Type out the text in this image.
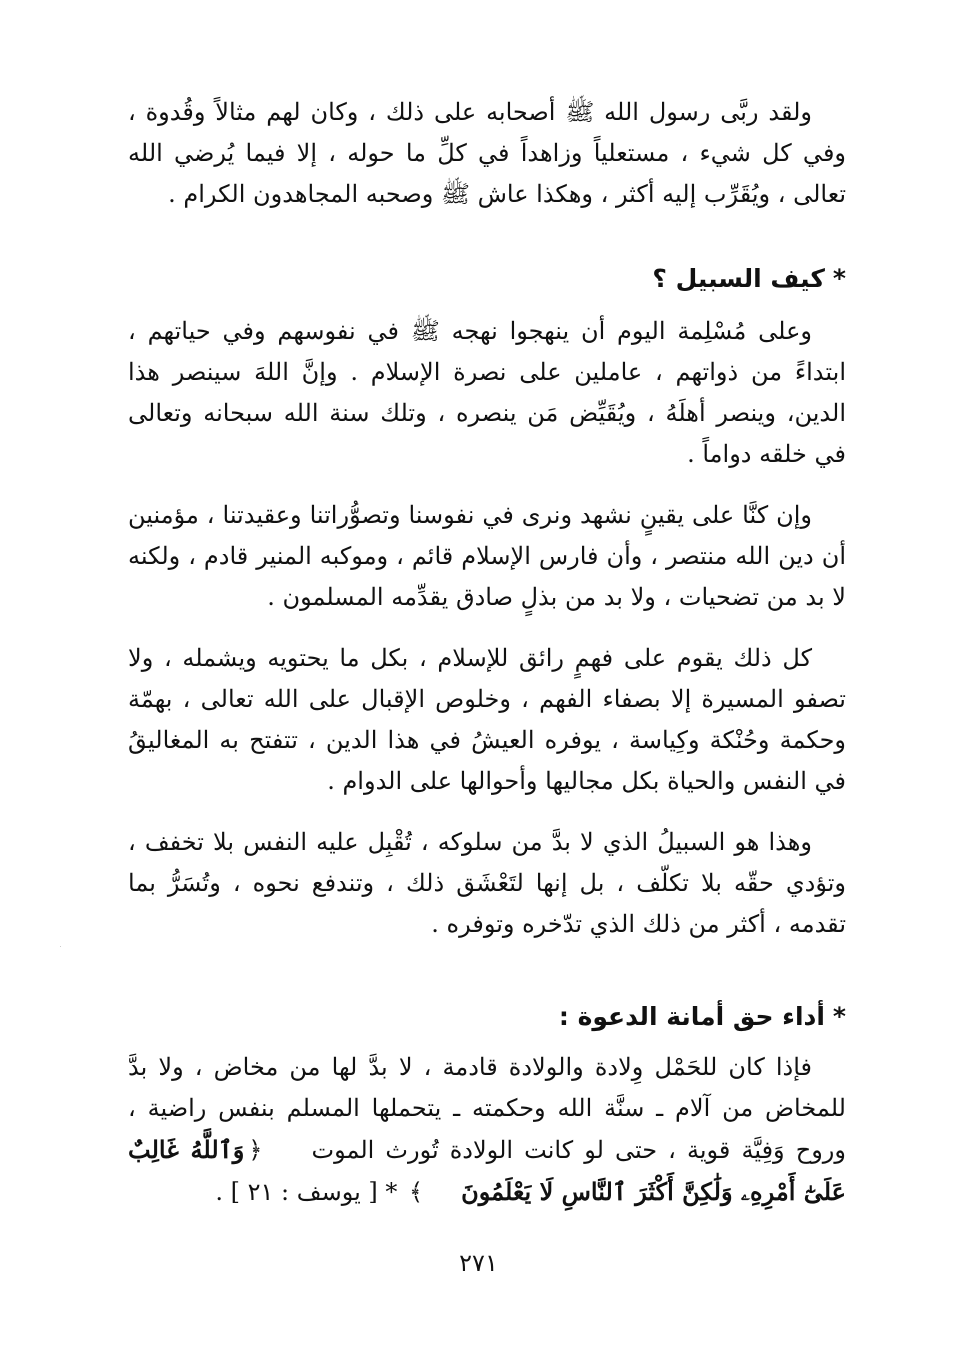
ولقد ربَّى رسول الله ﷺ أصحابه على ذلك ، وكان لهم مثالاً وقُدوة ، وفي كل شيء ، مستعلياً وزاهداً في كلِّ ما حوله ، إلا فيما يُرضي الله تعالى ، ويُقَرِّب إليه أكثر ، وهكذا عاش ﷺ وصحبه المجاهدون الكرام .

*كيف السبيل ؟

وعلى مُسْلِمة اليوم أن ينهجوا نهجه ﷺ في نفوسهم وفي حياتهم ، ابتداءً من ذواتهم ، عاملين على نصرة الإسلام . وإنَّ اللهَ سينصر هذا الدين، وينصر أهلَهُ ، ويُقَيِّض مَن ينصره ، وتلك سنة الله سبحانه وتعالى في خلقه دواماً .

وإن كنَّا على يقينٍ نشهد ونرى في نفوسنا وتصوُّراتنا وعقيدتنا ، مؤمنين أن دين الله منتصر ، وأن فارس الإسلام قائم ، وموكبه المنير قادم ، ولكنه لا بد من تضحيات ، ولا بد من بذلٍ صادق يقدِّمه المسلمون .

كل ذلك يقوم على فهمٍ رائق للإسلام ، بكل ما يحتويه ويشمله ، ولا تصفو المسيرة إلا بصفاء الفهم ، وخلوص الإقبال على الله تعالى ، بهمّة وحكمة وحُنْكة وكِياسة ، يوفره العيشُ في هذا الدين ، تتفتح به المغاليقُ في النفس والحياة بكل مجاليها وأحوالها على الدوام .

وهذا هو السبيلُ الذي لا بدَّ من سلوكه ، تُقْبِل عليه النفس بلا تخفف ، وتؤدي حقّه بلا تكلّف ، بل إنها لتَعْشَق ذلك ، وتندفع نحوه ، وتُسَرُّ بما تقدمه ، أكثر من ذلك الذي تدّخره وتوفره .

*أداء حق أمانة الدعوة :

فإذا كان للحَمْل وِلادة والولادة قادمة ، لا بدَّ لها من مخاض ، ولا بدَّ للمخاض من آلام ـ سنَّة الله وحكمته ـ يتحملها المسلم بنفس راضية ، وروح وَفِيَّة قوية ، حتى لو كانت الولادة تُورث الموت ﴿وَٱللَّهُ غَالِبٌ عَلَىٰٓ أَمْرِهِۦ وَلَٰكِنَّ أَكْثَرَ ٱلنَّاسِ لَا يَعْلَمُونَ﴾ * [ يوسف : ٢١ ] .

٢٧١
